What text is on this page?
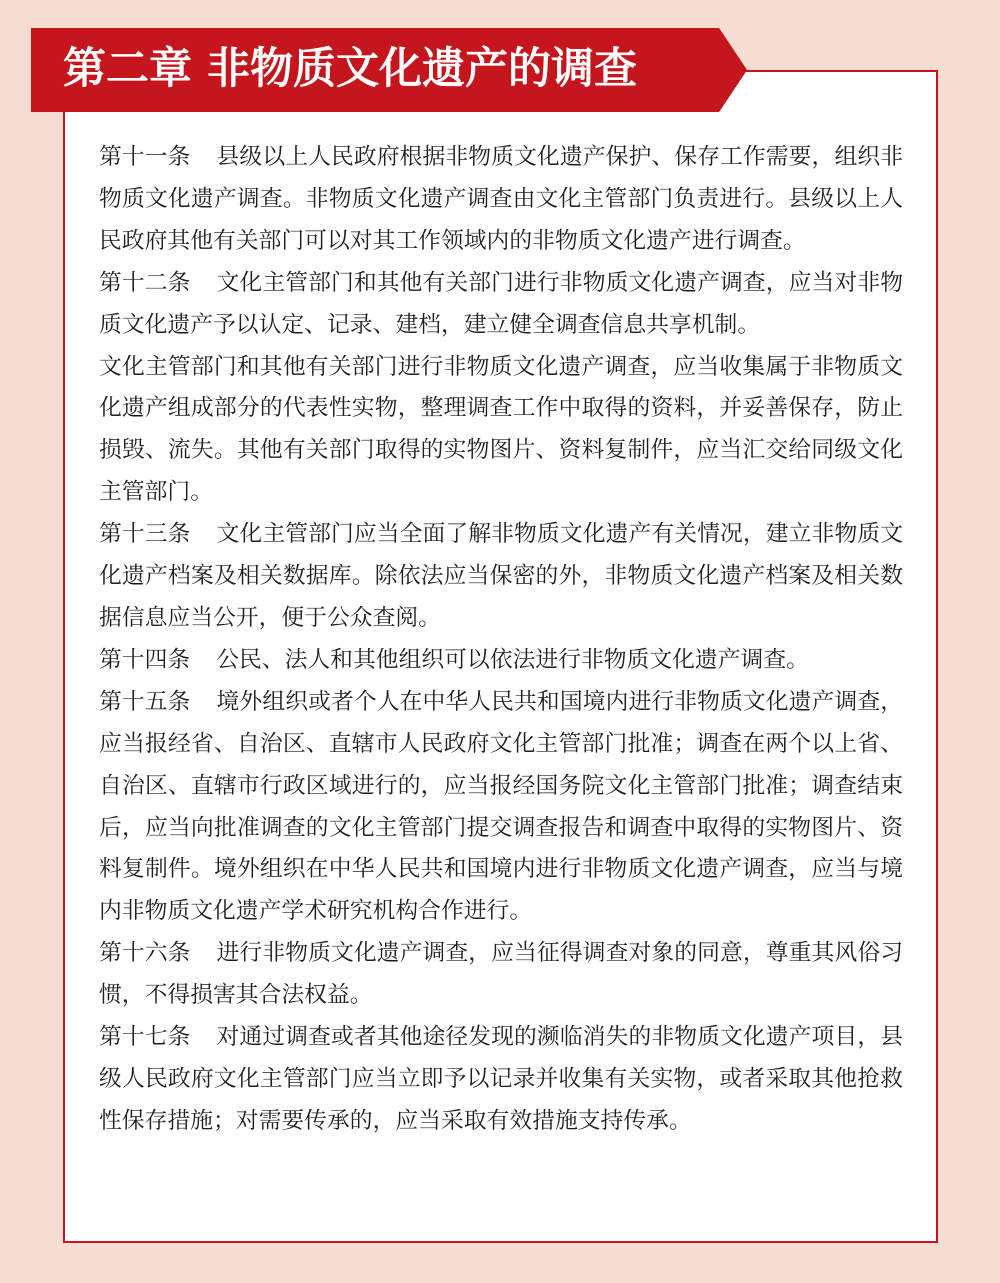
第二章 非物质文化遗产的调查

第十一条 县级以上人民政府根据非物质文化遗产保护、保存工作需要，组织非物质文化遗产调查。非物质文化遗产调查由文化主管部门负责进行。县级以上人民政府其他有关部门可以对其工作领域内的非物质文化遗产进行调查。

第十二条 文化主管部门和其他有关部门进行非物质文化遗产调查，应当对非物质文化遗产予以认定、记录、建档，建立健全调查信息共享机制。

文化主管部门和其他有关部门进行非物质文化遗产调查，应当收集属于非物质文化遗产组成部分的代表性实物，整理调查工作中取得的资料，并妥善保存，防止损毁、流失。其他有关部门取得的实物图片、资料复制件，应当汇交给同级文化主管部门。

第十三条 文化主管部门应当全面了解非物质文化遗产有关情况，建立非物质文化遗产档案及相关数据库。除依法应当保密的外，非物质文化遗产档案及相关数据信息应当公开，便于公众查阅。

第十四条 公民、法人和其他组织可以依法进行非物质文化遗产调查。

第十五条 境外组织或者个人在中华人民共和国境内进行非物质文化遗产调查，应当报经省、自治区、直辖市人民政府文化主管部门批准；调查在两个以上省、自治区、直辖市行政区域进行的，应当报经国务院文化主管部门批准；调查结束后，应当向批准调查的文化主管部门提交调查报告和调查中取得的实物图片、资料复制件。境外组织在中华人民共和国境内进行非物质文化遗产调查，应当与境内非物质文化遗产学术研究机构合作进行。

第十六条 进行非物质文化遗产调查，应当征得调查对象的同意，尊重其风俗习惯，不得损害其合法权益。

第十七条 对通过调查或者其他途径发现的濒临消失的非物质文化遗产项目，县级人民政府文化主管部门应当立即予以记录并收集有关实物，或者采取其他抢救性保存措施；对需要传承的，应当采取有效措施支持传承。
